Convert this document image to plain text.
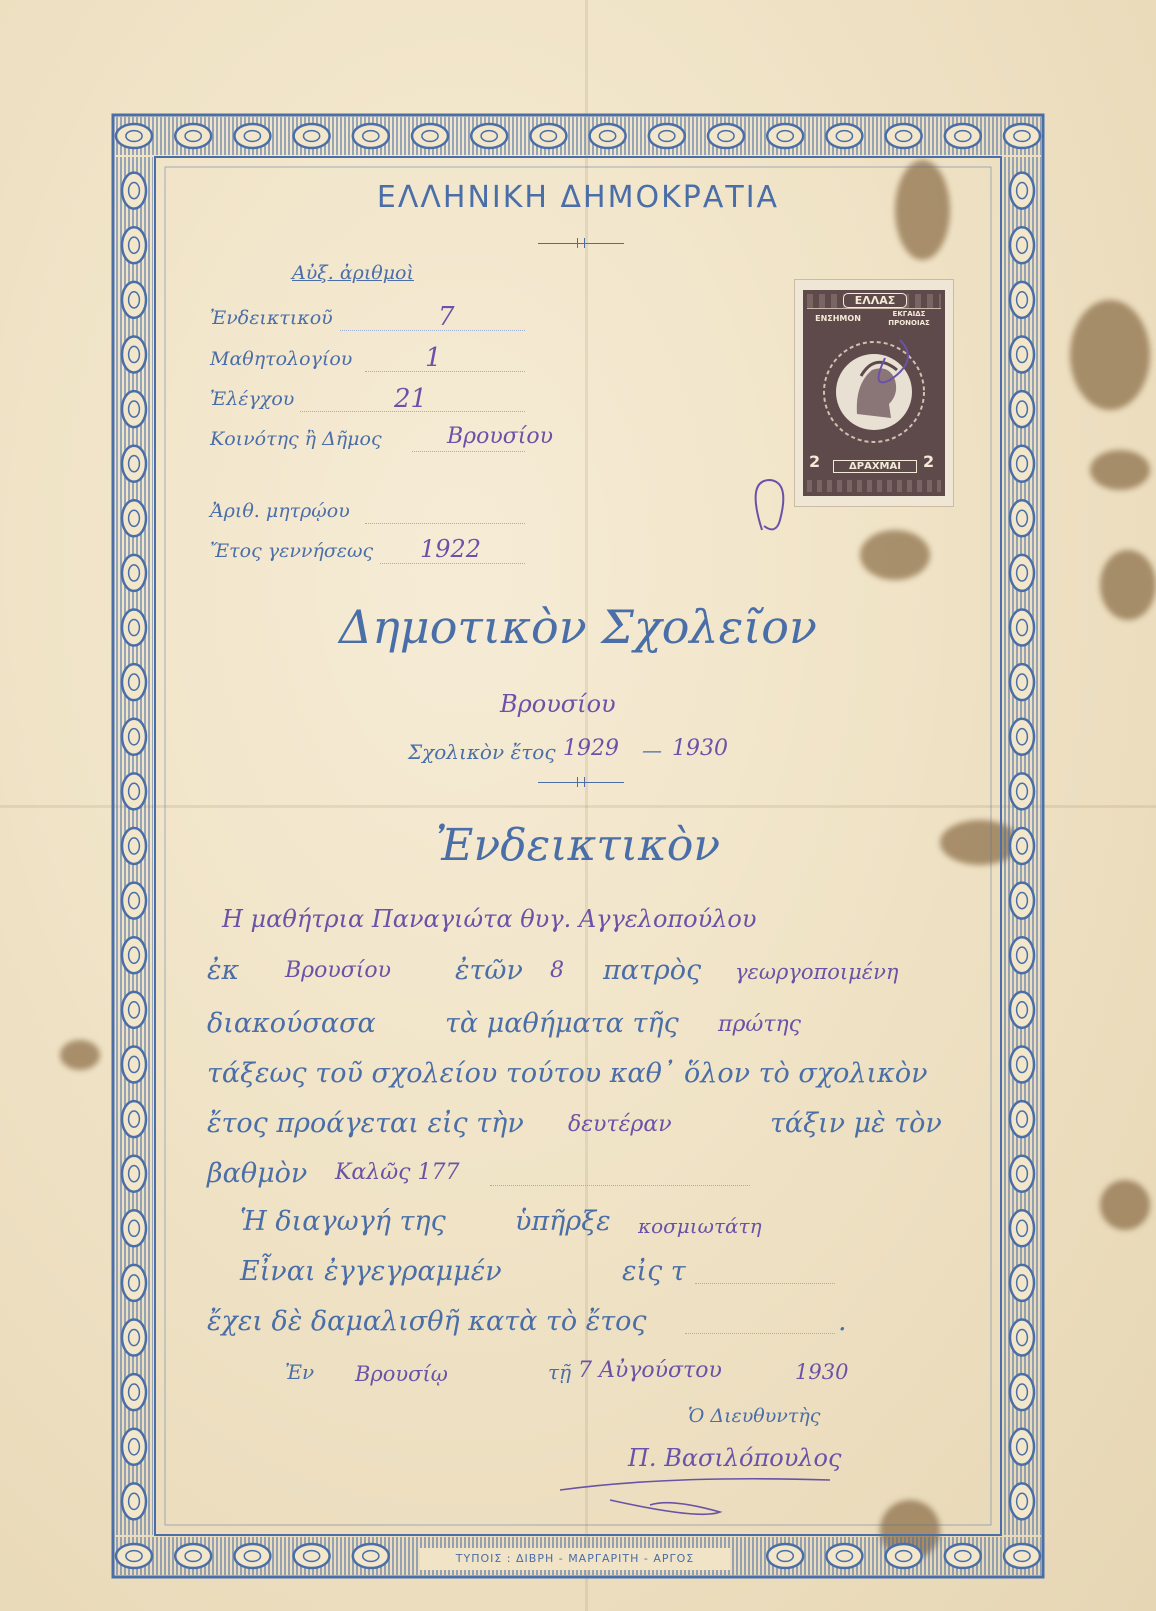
ΕΛΛΗΝΙΚΗ ΔΗΜΟΚΡΑΤΙΑ
Αὐξ. ἀριθμοὶ
Ἐνδεικτικοῦ	7
Μαθητολογίου	1
Ἐλέγχου	21
Κοινότης ἢ Δῆμος	Βρουσίου
Ἀριθ. μητρῴου
Ἔτος γεννήσεως 1922
ΕΛΛΑΣ
ΕΝΣΗΜΟΝ	ΕΚΓΑΙΔΣ ΠΡΟΝΟΙΑΣ
2	2
ΔΡΑΧΜΑΙ
Δημοτικὸν Σχολεῖον
Βρουσίου
Σχολικὸν ἔτος 1929 — 1930
Ἐνδεικτικὸν
Η μαθήτρια Παναγιώτα θυγ. Αγγελοπούλου
ἐκ Βρουσίου ἐτῶν 8 πατρὸς γεωργοποιμένη
διακούσασα	τὰ μαθήματα τῆς πρώτης
τάξεως τοῦ σχολείου τούτου καθ᾽ ὅλον τὸ σχολικὸν
ἔτος προάγεται εἰς τὴν δευτέραν	τάξιν μὲ τὸν
βαθμὸν Καλῶς 177
Ἡ διαγωγή της	ὑπῆρξε κοσμιωτάτη
Εἶναι ἐγγεγραμμέν	εἰς τ
ἔχει δὲ δαμαλισθῆ κατὰ τὸ ἔτος	.
Ἐν Βρουσίῳ	τῇ 7 Αὐγούστου	1930
Ὁ Διευθυντὴς
Π. Βασιλόπουλος
ΤΥΠΟΙΣ : ΔΙΒΡΗ - ΜΑΡΓΑΡΙΤΗ - ΑΡΓΟΣ
